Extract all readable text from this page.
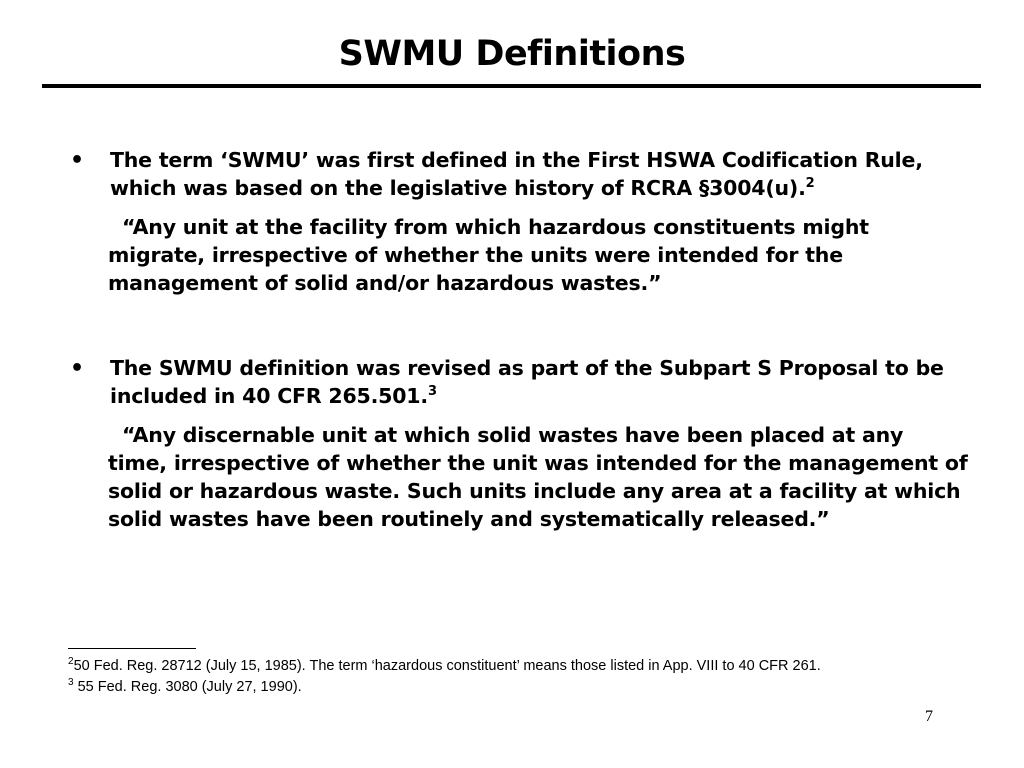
SWMU Definitions
•	The term ‘SWMU’ was first defined in the First HSWA Codification Rule, which was based on the legislative history of RCRA §3004(u).$^2$
“Any unit at the facility from which hazardous constituents might migrate, irrespective of whether the units were intended for the management of solid and/or hazardous wastes.”
•	The SWMU definition was revised as part of the Subpart S Proposal to be included in 40 CFR 265.501.$^3$
“Any discernable unit at which solid wastes have been placed at any time, irrespective of whether the unit was intended for the management of solid or hazardous waste. Such units include any area at a facility at which solid wastes have been routinely and systematically released.”
$^2$50 Fed. Reg. 28712 (July 15, 1985). The term ‘hazardous constituent’ means those listed in App. VIII to 40 CFR 261.
$^3$ 55 Fed. Reg. 3080 (July 27, 1990).
7
